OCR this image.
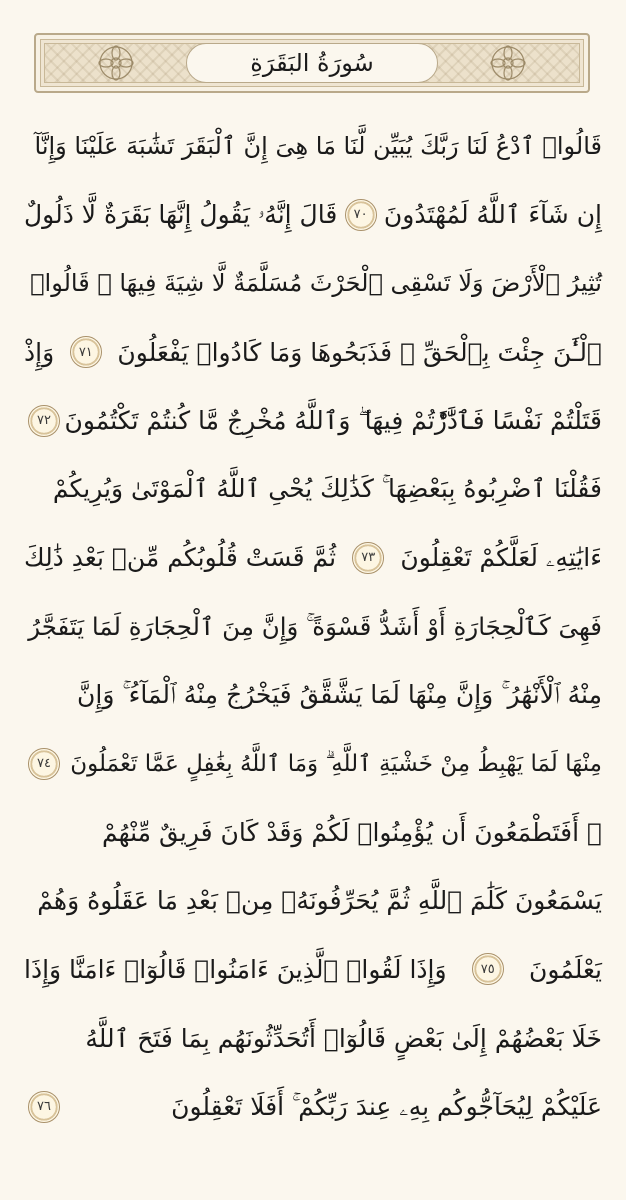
سُورَةُ البَقَرَةِ
قَالُوا۟ ٱدْعُ لَنَا رَبَّكَ يُبَيِّن لَّنَا مَا هِىَ إِنَّ ٱلْبَقَرَ تَشَٰبَهَ عَلَيْنَا وَإِنَّآ
إِن شَآءَ ٱللَّهُ لَمُهْتَدُونَ
٧٠
قَالَ إِنَّهُۥ يَقُولُ إِنَّهَا بَقَرَةٌ لَّا ذَلُولٌ
تُثِيرُ ٱلْأَرْضَ وَلَا تَسْقِى ٱلْحَرْثَ مُسَلَّمَةٌ لَّا شِيَةَ فِيهَا ۚ قَالُوا۟
ٱلْـَٰٔنَ جِئْتَ بِٱلْحَقِّ ۚ فَذَبَحُوهَا وَمَا كَادُوا۟ يَفْعَلُونَ
٧١
وَإِذْ
قَتَلْتُمْ نَفْسًا فَٱدَّٰرَْٰٔتُمْ فِيهَا ۖ وَٱللَّهُ مُخْرِجٌ مَّا كُنتُمْ تَكْتُمُونَ
٧٢
فَقُلْنَا ٱضْرِبُوهُ بِبَعْضِهَا ۚ كَذَٰلِكَ يُحْىِ ٱللَّهُ ٱلْمَوْتَىٰ وَيُرِيكُمْ
ءَايَٰتِهِۦ لَعَلَّكُمْ تَعْقِلُونَ
٧٣
ثُمَّ قَسَتْ قُلُوبُكُم مِّنۢ بَعْدِ ذَٰلِكَ
فَهِىَ كَٱلْحِجَارَةِ أَوْ أَشَدُّ قَسْوَةً ۚ وَإِنَّ مِنَ ٱلْحِجَارَةِ لَمَا يَتَفَجَّرُ
مِنْهُ ٱلْأَنْهَٰرُ ۚ وَإِنَّ مِنْهَا لَمَا يَشَّقَّقُ فَيَخْرُجُ مِنْهُ ٱلْمَآءُ ۚ وَإِنَّ
مِنْهَا لَمَا يَهْبِطُ مِنْ خَشْيَةِ ٱللَّهِ ۗ وَمَا ٱللَّهُ بِغَٰفِلٍ عَمَّا تَعْمَلُونَ
٧٤
۞ أَفَتَطْمَعُونَ أَن يُؤْمِنُوا۟ لَكُمْ وَقَدْ كَانَ فَرِيقٌ مِّنْهُمْ
يَسْمَعُونَ كَلَٰمَ ٱللَّهِ ثُمَّ يُحَرِّفُونَهُۥ مِنۢ بَعْدِ مَا عَقَلُوهُ وَهُمْ
يَعْلَمُونَ
٧٥
وَإِذَا لَقُوا۟ ٱلَّذِينَ ءَامَنُوا۟ قَالُوٓا۟ ءَامَنَّا وَإِذَا
خَلَا بَعْضُهُمْ إِلَىٰ بَعْضٍ قَالُوٓا۟ أَتُحَدِّثُونَهُم بِمَا فَتَحَ ٱللَّهُ
عَلَيْكُمْ لِيُحَآجُّوكُم بِهِۦ عِندَ رَبِّكُمْ ۚ أَفَلَا تَعْقِلُونَ
٧٦
